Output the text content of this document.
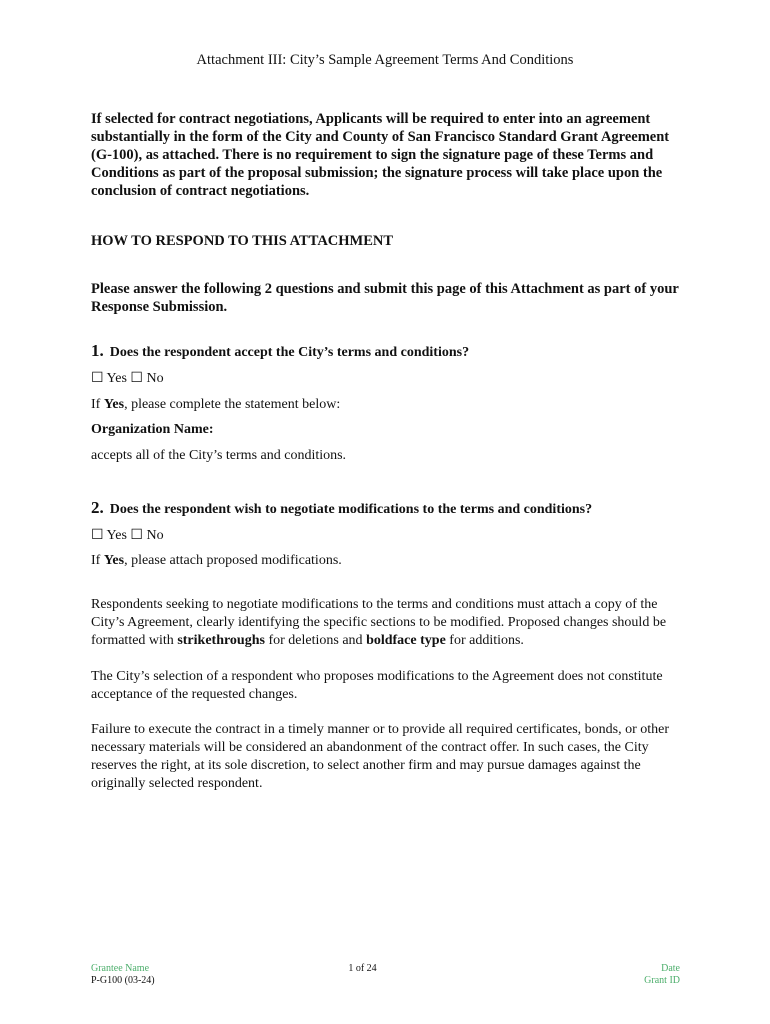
Attachment III: City’s Sample Agreement Terms And Conditions
If selected for contract negotiations, Applicants will be required to enter into an agreement substantially in the form of the City and County of San Francisco Standard Grant Agreement (G-100), as attached. There is no requirement to sign the signature page of these Terms and Conditions as part of the proposal submission; the signature process will take place upon the conclusion of contract negotiations.
HOW TO RESPOND TO THIS ATTACHMENT
Please answer the following 2 questions and submit this page of this Attachment as part of your Response Submission.
1. Does the respondent accept the City’s terms and conditions?
☐ Yes ☐ No
If Yes, please complete the statement below:
Organization Name:
accepts all of the City’s terms and conditions.
2. Does the respondent wish to negotiate modifications to the terms and conditions?
☐ Yes ☐ No
If Yes, please attach proposed modifications.
Respondents seeking to negotiate modifications to the terms and conditions must attach a copy of the City’s Agreement, clearly identifying the specific sections to be modified. Proposed changes should be formatted with strikethroughs for deletions and boldface type for additions.
The City’s selection of a respondent who proposes modifications to the Agreement does not constitute acceptance of the requested changes.
Failure to execute the contract in a timely manner or to provide all required certificates, bonds, or other necessary materials will be considered an abandonment of the contract offer. In such cases, the City reserves the right, at its sole discretion, to select another firm and may pursue damages against the originally selected respondent.
Grantee Name
P-G100 (03-24)
1 of 24	Date
Grant ID
